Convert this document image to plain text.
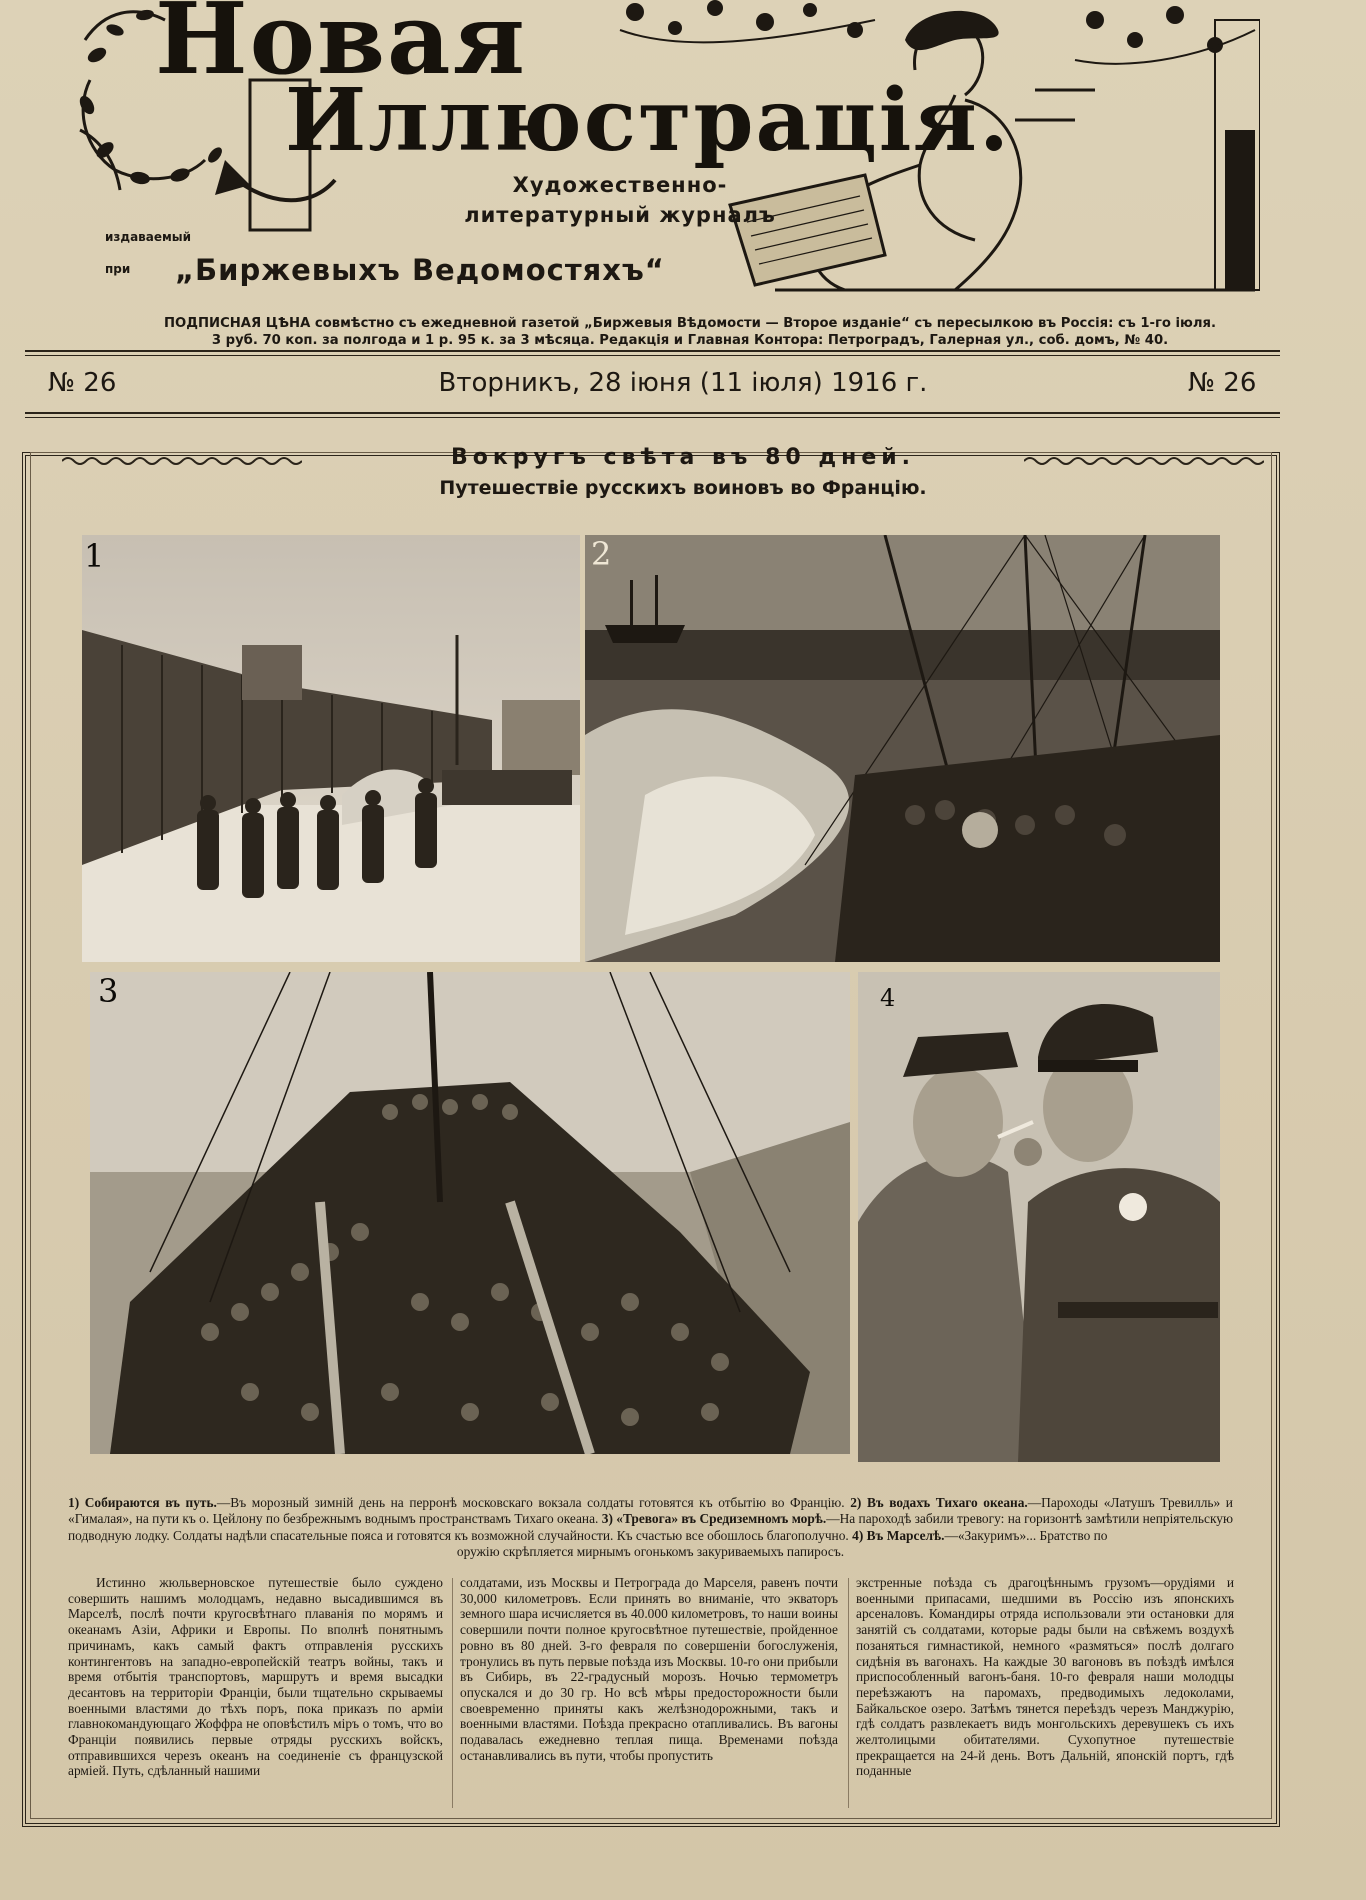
Новая
Иллюстрація.
Художественно-литературный журналъ
издаваемый
при „Биржевыхъ Ведомостяхъ“
ПОДПИСНАЯ ЦѢНА совмѣстно съ ежедневной газетой „Биржевыя Вѣдомости — Второе изданіе“ съ пересылкою въ Россія: съ 1-го іюля.
3 руб. 70 коп. за полгода и 1 р. 95 к. за 3 мѣсяца. Редакція и Главная Контора: Петроградъ, Галерная ул., соб. домъ, № 40.
№ 26	Вторникъ, 28 іюня (11 іюля) 1916 г.	№ 26
Вокругъ свѣта въ 80 дней.
Путешествіе русскихъ воиновъ во Францію.
1	2
3	4
1) Собираются въ путь.—Въ морозный зимній день на перронѣ московскаго вокзала солдаты готовятся къ отбытію во Францію. 2) Въ водахъ Тихаго океана.—Пароходы «Латушъ Тревилль» и «Гималая», на пути къ о. Цейлону по безбрежнымъ воднымъ пространствамъ Тихаго океана. 3) «Тревога» въ Средиземномъ морѣ.—На пароходѣ забили тревогу: на горизонтѣ замѣтили непріятельскую подводную лодку. Солдаты надѣли спасательные пояса и готовятся къ возможной случайности. Къ счастью все обошлось благополучно. 4) Въ Марселѣ.—«Закуримъ»... Братство по
оружію скрѣпляется мирнымъ огонькомъ закуриваемыхъ папиросъ.

Истинно жюльверновское путешествіе было суждено совершить нашимъ молодцамъ, недавно высадившимся въ Марселѣ, послѣ почти кругосвѣтнаго плаванія по морямъ и океанамъ Азіи, Африки и Европы. По вполнѣ понятнымъ причинамъ, какъ самый фактъ отправленія русскихъ контингентовъ на западно-европейскій театръ войны, такъ и время отбытія транспортовъ, маршрутъ и время высадки десантовъ на территоріи Франціи, были тщательно скрываемы военными властями до тѣхъ поръ, пока приказъ по арміи главнокомандующаго Жоффра не оповѣстилъ міръ о томъ, что во Франціи появились первые отряды русскихъ войскъ, отправившихся черезъ океанъ на соединеніе съ французской арміей. Путь, сдѣланный нашими

солдатами, изъ Москвы и Петрограда до Марселя, равенъ почти 30,000 километровъ. Если принять во вниманіе, что экваторъ земного шара исчисляется въ 40.000 километровъ, то наши воины совершили почти полное кругосвѣтное путешествіе, пройденное ровно въ 80 дней. 3-го февраля по совершеніи богослуженія, тронулись въ путь первые поѣзда изъ Москвы. 10-го они прибыли въ Сибирь, въ 22-градусный морозъ. Ночью термометръ опускался и до 30 гр. Но всѣ мѣры предосторожности были своевременно приняты какъ желѣзнодорожными, такъ и военными властями. Поѣзда прекрасно отапливались. Въ вагоны подавалась ежедневно теплая пища. Временами поѣзда останавливались въ пути, чтобы пропустить

экстренные поѣзда съ драгоцѣннымъ грузомъ—орудіями и военными припасами, шедшими въ Россію изъ японскихъ арсеналовъ. Командиры отряда использовали эти остановки для занятій съ солдатами, которые рады были на свѣжемъ воздухѣ позаняться гимнастикой, немного «размяться» послѣ долгаго сидѣнія въ вагонахъ. На каждые 30 вагоновъ въ поѣздѣ имѣлся приспособленный вагонъ-баня. 10-го февраля наши молодцы переѣзжаютъ на паромахъ, предводимыхъ ледоколами, Байкальское озеро. Затѣмъ тянется переѣздъ черезъ Манджурію, гдѣ солдатъ развлекаетъ видъ монгольскихъ деревушекъ съ ихъ желтолицыми обитателями. Сухопутное путешествіе прекращается на 24-й день. Вотъ Дальній, японскій портъ, гдѣ поданные
